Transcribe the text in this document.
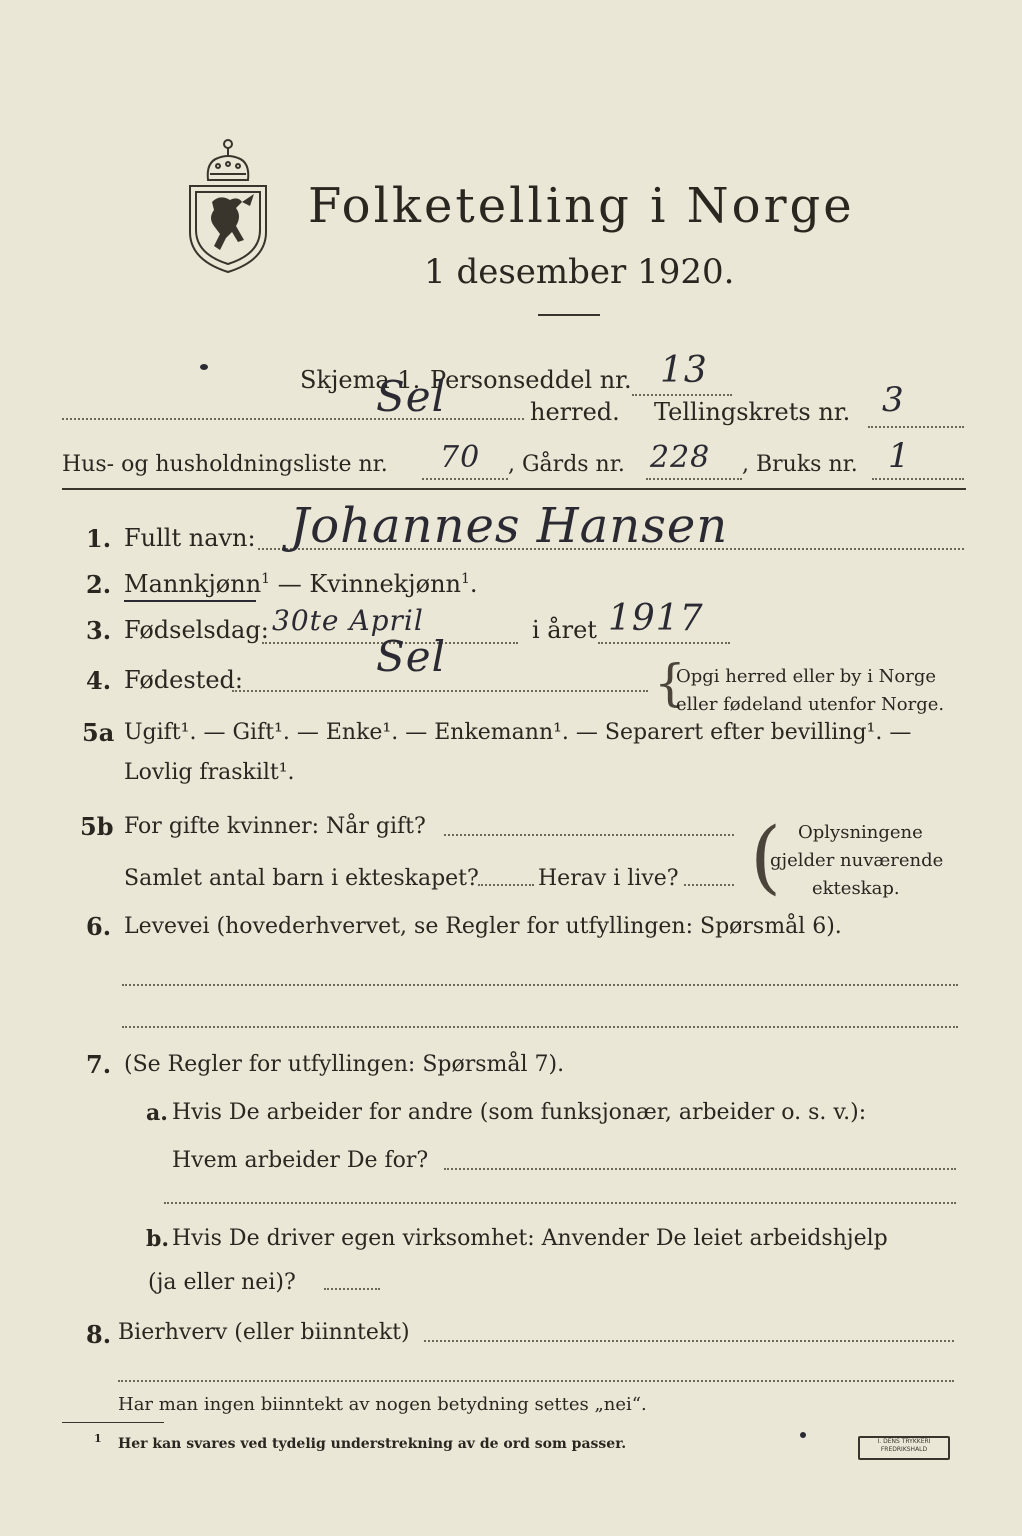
Folketelling i Norge
1 desember 1920.
Skjema 1. Personseddel nr. 13
Sel	herred. Tellingskrets nr. 3
Hus- og husholdningsliste nr. 70 , Gårds nr. 228 , Bruks nr. 1
1. Fullt navn: Johannes Hansen
2. Mannkjønn$^1$ — Kvinnekjønn$^1$.
3. Fødselsdag: 30te April	i året 1917
4. Fødested:	Sel	{
Opgi herred eller by i Norge
eller fødeland utenfor Norge.
5a Ugift¹. — Gift¹. — Enke¹. — Enkemann¹. — Separert efter bevilling¹. —
Lovlig fraskilt¹.
5b For gifte kvinner: Når gift?
Samlet antal barn i ekteskapet?	Herav i live? ( Oplysningene
gjelder nuværende
ekteskap.
6. Levevei (hovederhvervet, se Regler for utfyllingen: Spørsmål 6).
7. (Se Regler for utfyllingen: Spørsmål 7).
a. Hvis De arbeider for andre (som funksjonær, arbeider o. s. v.):
Hvem arbeider De for?
b. Hvis De driver egen virksomhet: Anvender De leiet arbeidshjelp
(ja eller nei)?
8. Bierhverv (eller biinntekt)
Har man ingen biinntekt av nogen betydning settes „nei“.
1 Her kan svares ved tydelig understrekning av de ord som passer.	I. DENS TRYKKERI
FREDRIKSHALD
